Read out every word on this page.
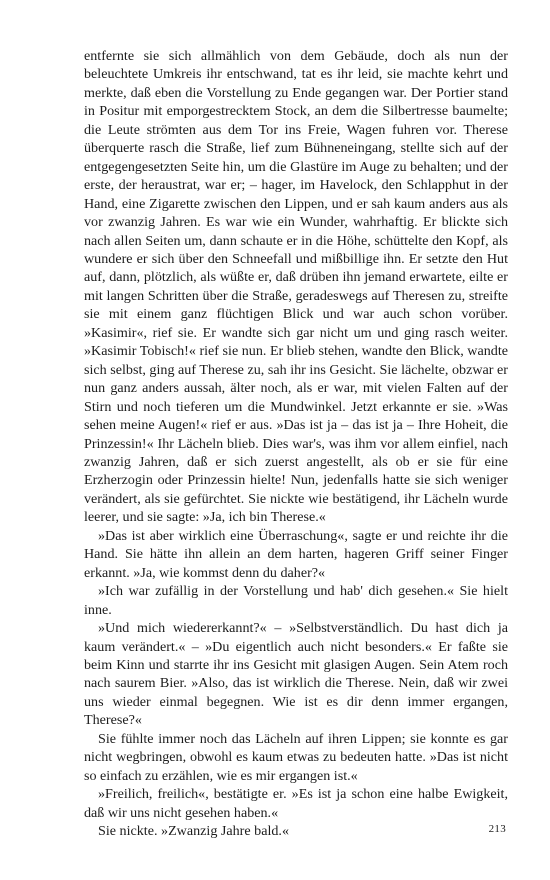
entfernte sie sich allmählich von dem Gebäude, doch als nun der beleuchtete Umkreis ihr entschwand, tat es ihr leid, sie machte kehrt und merkte, daß eben die Vorstellung zu Ende gegangen war. Der Portier stand in Positur mit emporgestrecktem Stock, an dem die Silbertresse baumelte; die Leute strömten aus dem Tor ins Freie, Wagen fuhren vor. Therese überquerte rasch die Straße, lief zum Bühneneingang, stellte sich auf der entgegengesetzten Seite hin, um die Glastüre im Auge zu behalten; und der erste, der heraustrat, war er; – hager, im Havelock, den Schlapphut in der Hand, eine Zigarette zwischen den Lippen, und er sah kaum anders aus als vor zwanzig Jahren. Es war wie ein Wunder, wahrhaftig. Er blickte sich nach allen Seiten um, dann schaute er in die Höhe, schüttelte den Kopf, als wundere er sich über den Schneefall und mißbillige ihn. Er setzte den Hut auf, dann, plötzlich, als wüßte er, daß drüben ihn jemand erwartete, eilte er mit langen Schritten über die Straße, geradeswegs auf Theresen zu, streifte sie mit einem ganz flüchtigen Blick und war auch schon vorüber. »Kasimir«, rief sie. Er wandte sich gar nicht um und ging rasch weiter. »Kasimir Tobisch!« rief sie nun. Er blieb stehen, wandte den Blick, wandte sich selbst, ging auf Therese zu, sah ihr ins Gesicht. Sie lächelte, obzwar er nun ganz anders aussah, älter noch, als er war, mit vielen Falten auf der Stirn und noch tieferen um die Mundwinkel. Jetzt erkannte er sie. »Was sehen meine Augen!« rief er aus. »Das ist ja – das ist ja – Ihre Hoheit, die Prinzessin!« Ihr Lächeln blieb. Dies war's, was ihm vor allem einfiel, nach zwanzig Jahren, daß er sich zuerst angestellt, als ob er sie für eine Erzherzogin oder Prinzessin hielte! Nun, jedenfalls hatte sie sich weniger verändert, als sie gefürchtet. Sie nickte wie bestätigend, ihr Lächeln wurde leerer, und sie sagte: »Ja, ich bin Therese.«

»Das ist aber wirklich eine Überraschung«, sagte er und reichte ihr die Hand. Sie hätte ihn allein an dem harten, hageren Griff seiner Finger erkannt. »Ja, wie kommst denn du daher?«

»Ich war zufällig in der Vorstellung und hab' dich gesehen.« Sie hielt inne.

»Und mich wiedererkannt?« – »Selbstverständlich. Du hast dich ja kaum verändert.« – »Du eigentlich auch nicht besonders.« Er faßte sie beim Kinn und starrte ihr ins Gesicht mit glasigen Augen. Sein Atem roch nach saurem Bier. »Also, das ist wirklich die Therese. Nein, daß wir zwei uns wieder einmal begegnen. Wie ist es dir denn immer ergangen, Therese?«

Sie fühlte immer noch das Lächeln auf ihren Lippen; sie konnte es gar nicht wegbringen, obwohl es kaum etwas zu bedeuten hatte. »Das ist nicht so einfach zu erzählen, wie es mir ergangen ist.«

»Freilich, freilich«, bestätigte er. »Es ist ja schon eine halbe Ewigkeit, daß wir uns nicht gesehen haben.«

Sie nickte. »Zwanzig Jahre bald.«	213
